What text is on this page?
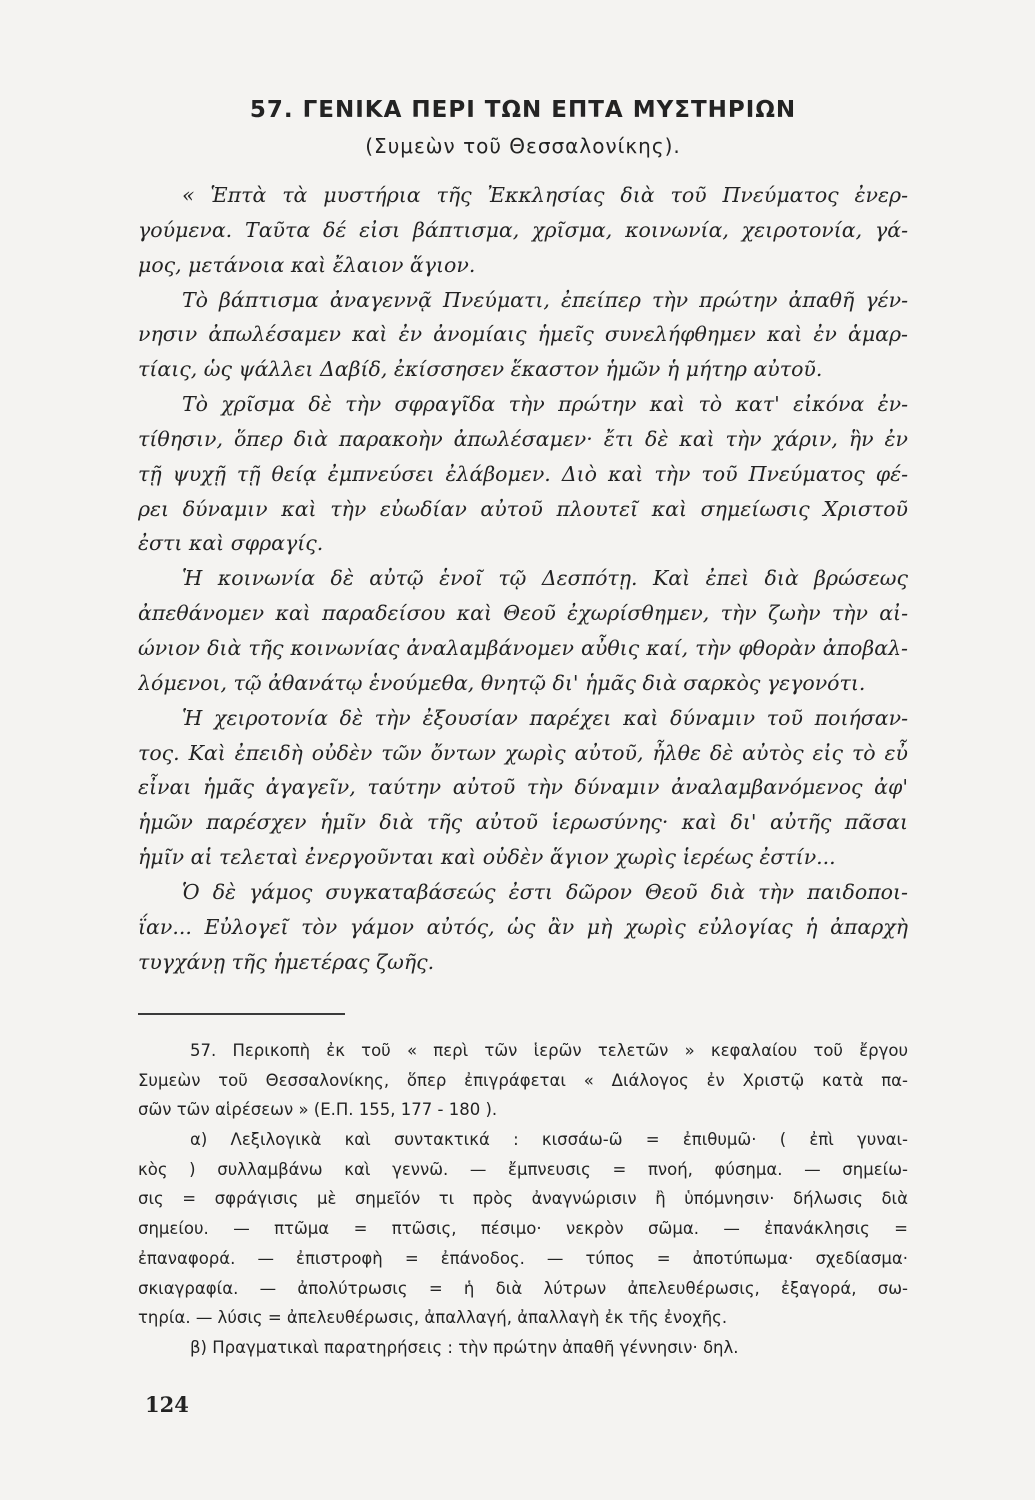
57. ΓΕΝΙΚΑ ΠΕΡΙ ΤΩΝ ΕΠΤΑ ΜΥΣΤΗΡΙΩΝ
(Συμεὼν τοῦ Θεσσαλονίκης).
« Ἑπτὰ τὰ μυστήρια τῆς Ἐκκλησίας διὰ τοῦ Πνεύματος ἐνερ-
γούμενα. Ταῦτα δέ εἰσι βάπτισμα, χρῖσμα, κοινωνία, χειροτονία, γά-
μος, μετάνοια καὶ ἔλαιον ἅγιον.
Τὸ βάπτισμα ἀναγεννᾷ Πνεύματι, ἐπείπερ τὴν πρώτην ἀπαθῆ γέν-
νησιν ἀπωλέσαμεν καὶ ἐν ἀνομίαις ἡμεῖς συνελήφθημεν καὶ ἐν ἁμαρ-
τίαις, ὡς ψάλλει Δαβίδ, ἐκίσσησεν ἕκαστον ἡμῶν ἡ μήτηρ αὐτοῦ.
Τὸ χρῖσμα δὲ τὴν σφραγῖδα τὴν πρώτην καὶ τὸ κατ' εἰκόνα ἐν-
τίθησιν, ὅπερ διὰ παρακοὴν ἀπωλέσαμεν· ἔτι δὲ καὶ τὴν χάριν, ἣν ἐν
τῇ ψυχῇ τῇ θείᾳ ἐμπνεύσει ἐλάβομεν. Διὸ καὶ τὴν τοῦ Πνεύματος φέ-
ρει δύναμιν καὶ τὴν εὐωδίαν αὐτοῦ πλουτεῖ καὶ σημείωσις Χριστοῦ
ἐστι καὶ σφραγίς.
Ἡ κοινωνία δὲ αὐτῷ ἑνοῖ τῷ Δεσπότῃ. Καὶ ἐπεὶ διὰ βρώσεως
ἀπεθάνομεν καὶ παραδείσου καὶ Θεοῦ ἐχωρίσθημεν, τὴν ζωὴν τὴν αἰ-
ώνιον διὰ τῆς κοινωνίας ἀναλαμβάνομεν αὖθις καί, τὴν φθορὰν ἀποβαλ-
λόμενοι, τῷ ἀθανάτῳ ἑνούμεθα, θνητῷ δι' ἡμᾶς διὰ σαρκὸς γεγονότι.
Ἡ χειροτονία δὲ τὴν ἐξουσίαν παρέχει καὶ δύναμιν τοῦ ποιήσαν-
τος. Καὶ ἐπειδὴ οὐδὲν τῶν ὄντων χωρὶς αὐτοῦ, ἦλθε δὲ αὐτὸς εἰς τὸ εὖ
εἶναι ἡμᾶς ἀγαγεῖν, ταύτην αὐτοῦ τὴν δύναμιν ἀναλαμβανόμενος ἀφ'
ἡμῶν παρέσχεν ἡμῖν διὰ τῆς αὐτοῦ ἱερωσύνης· καὶ δι' αὐτῆς πᾶσαι
ἡμῖν αἱ τελεταὶ ἐνεργοῦνται καὶ οὐδὲν ἅγιον χωρὶς ἱερέως ἐστίν...
Ὁ δὲ γάμος συγκαταβάσεώς ἐστι δῶρον Θεοῦ διὰ τὴν παιδοποι-
ΐαν... Εὐλογεῖ τὸν γάμον αὐτός, ὡς ἂν μὴ χωρὶς εὐλογίας ἡ ἀπαρχὴ
τυγχάνῃ τῆς ἡμετέρας ζωῆς.
57. Περικοπὴ ἐκ τοῦ « περὶ τῶν ἱερῶν τελετῶν » κεφαλαίου τοῦ ἔργου
Συμεὼν τοῦ Θεσσαλονίκης, ὅπερ ἐπιγράφεται « Διάλογος ἐν Χριστῷ κατὰ πα-
σῶν τῶν αἱρέσεων » (Ε.Π. 155, 177 - 180 ).
α) Λεξιλογικὰ καὶ συντακτικά : κισσάω-ῶ = ἐπιθυμῶ· ( ἐπὶ γυναι-
κὸς ) συλλαμβάνω καὶ γεννῶ. — ἔμπνευσις = πνοή, φύσημα. — σημείω-
σις = σφράγισις μὲ σημεῖόν τι πρὸς ἀναγνώρισιν ἢ ὑπόμνησιν· δήλωσις διὰ
σημείου. — πτῶμα = πτῶσις, πέσιμο· νεκρὸν σῶμα. — ἐπανάκλησις =
ἐπαναφορά. — ἐπιστροφὴ = ἐπάνοδος. — τύπος = ἀποτύπωμα· σχεδίασμα·
σκιαγραφία. — ἀπολύτρωσις = ἡ διὰ λύτρων ἀπελευθέρωσις, ἐξαγορά, σω-
τηρία. — λύσις = ἀπελευθέρωσις, ἀπαλλαγή, ἀπαλλαγὴ ἐκ τῆς ἐνοχῆς.
β) Πραγματικαὶ παρατηρήσεις : τὴν πρώτην ἀπαθῆ γέννησιν· δηλ.
124
